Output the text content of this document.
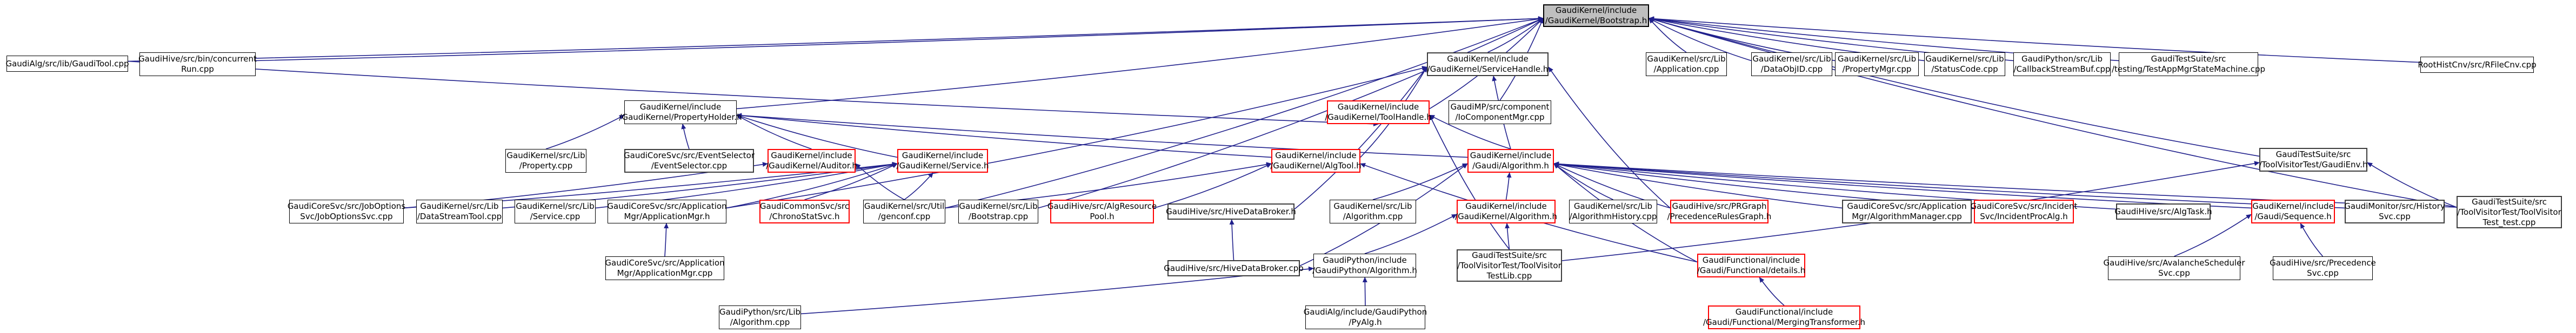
GaudiKernel/include
/GaudiKernel/Bootstrap.h
GaudiAlg/src/lib/GaudiTool.cpp GaudiHive/src/bin/concurrent
Run.cpp
GaudiKernel/include
/GaudiKernel/ServiceHandle.h
GaudiKernel/src/Lib
/Application.cpp
GaudiKernel/src/Lib
/DataObjID.cpp
GaudiKernel/src/Lib
/PropertyMgr.cpp
GaudiKernel/src/Lib
/StatusCode.cpp
GaudiPython/src/Lib
/CallbackStreamBuf.cpp
GaudiTestSuite/src
/testing/TestAppMgrStateMachine.cpp	RootHistCnv/src/RFileCnv.cpp
GaudiKernel/include
/GaudiKernel/PropertyHolder.h
GaudiKernel/include
/GaudiKernel/ToolHandle.h
GaudiMP/src/component
/IoComponentMgr.cpp
GaudiKernel/src/Lib
/Property.cpp
GaudiCoreSvc/src/EventSelector
/EventSelector.cpp
GaudiKernel/include
/GaudiKernel/Auditor.h
GaudiKernel/include
/GaudiKernel/Service.h
GaudiKernel/include
/GaudiKernel/AlgTool.h
GaudiKernel/include
/Gaudi/Algorithm.h
GaudiTestSuite/src
/ToolVisitorTest/GaudiEnv.h
GaudiCoreSvc/src/JobOptions
Svc/JobOptionsSvc.cpp
GaudiKernel/src/Lib
/DataStreamTool.cpp
GaudiKernel/src/Lib
/Service.cpp
GaudiCoreSvc/src/Application
Mgr/ApplicationMgr.h
GaudiCommonSvc/src
/ChronoStatSvc.h
GaudiKernel/src/Util
/genconf.cpp
GaudiKernel/src/Lib
/Bootstrap.cpp
GaudiHive/src/AlgResource
Pool.h
GaudiHive/src/HiveDataBroker.h
GaudiKernel/src/Lib
/Algorithm.cpp
GaudiKernel/include
/GaudiKernel/Algorithm.h
GaudiKernel/src/Lib
/AlgorithmHistory.cpp
GaudiHive/src/PRGraph
/PrecedenceRulesGraph.h
GaudiCoreSvc/src/Application
Mgr/AlgorithmManager.cpp
GaudiCoreSvc/src/Incident
Svc/IncidentProcAlg.h
GaudiHive/src/AlgTask.h
GaudiKernel/include
/Gaudi/Sequence.h
GaudiMonitor/src/History
Svc.cpp
GaudiTestSuite/src
/ToolVisitorTest/ToolVisitor
Test_test.cpp
GaudiCoreSvc/src/Application
Mgr/ApplicationMgr.cpp
GaudiHive/src/HiveDataBroker.cpp
GaudiPython/include
/GaudiPython/Algorithm.h
GaudiTestSuite/src
/ToolVisitorTest/ToolVisitor
TestLib.cpp
GaudiFunctional/include
/Gaudi/Functional/details.h
GaudiHive/src/AvalancheScheduler
Svc.cpp
GaudiHive/src/Precedence
Svc.cpp
GaudiPython/src/Lib
/Algorithm.cpp
GaudiAlg/include/GaudiPython
/PyAlg.h
GaudiFunctional/include
/Gaudi/Functional/MergingTransformer.h
